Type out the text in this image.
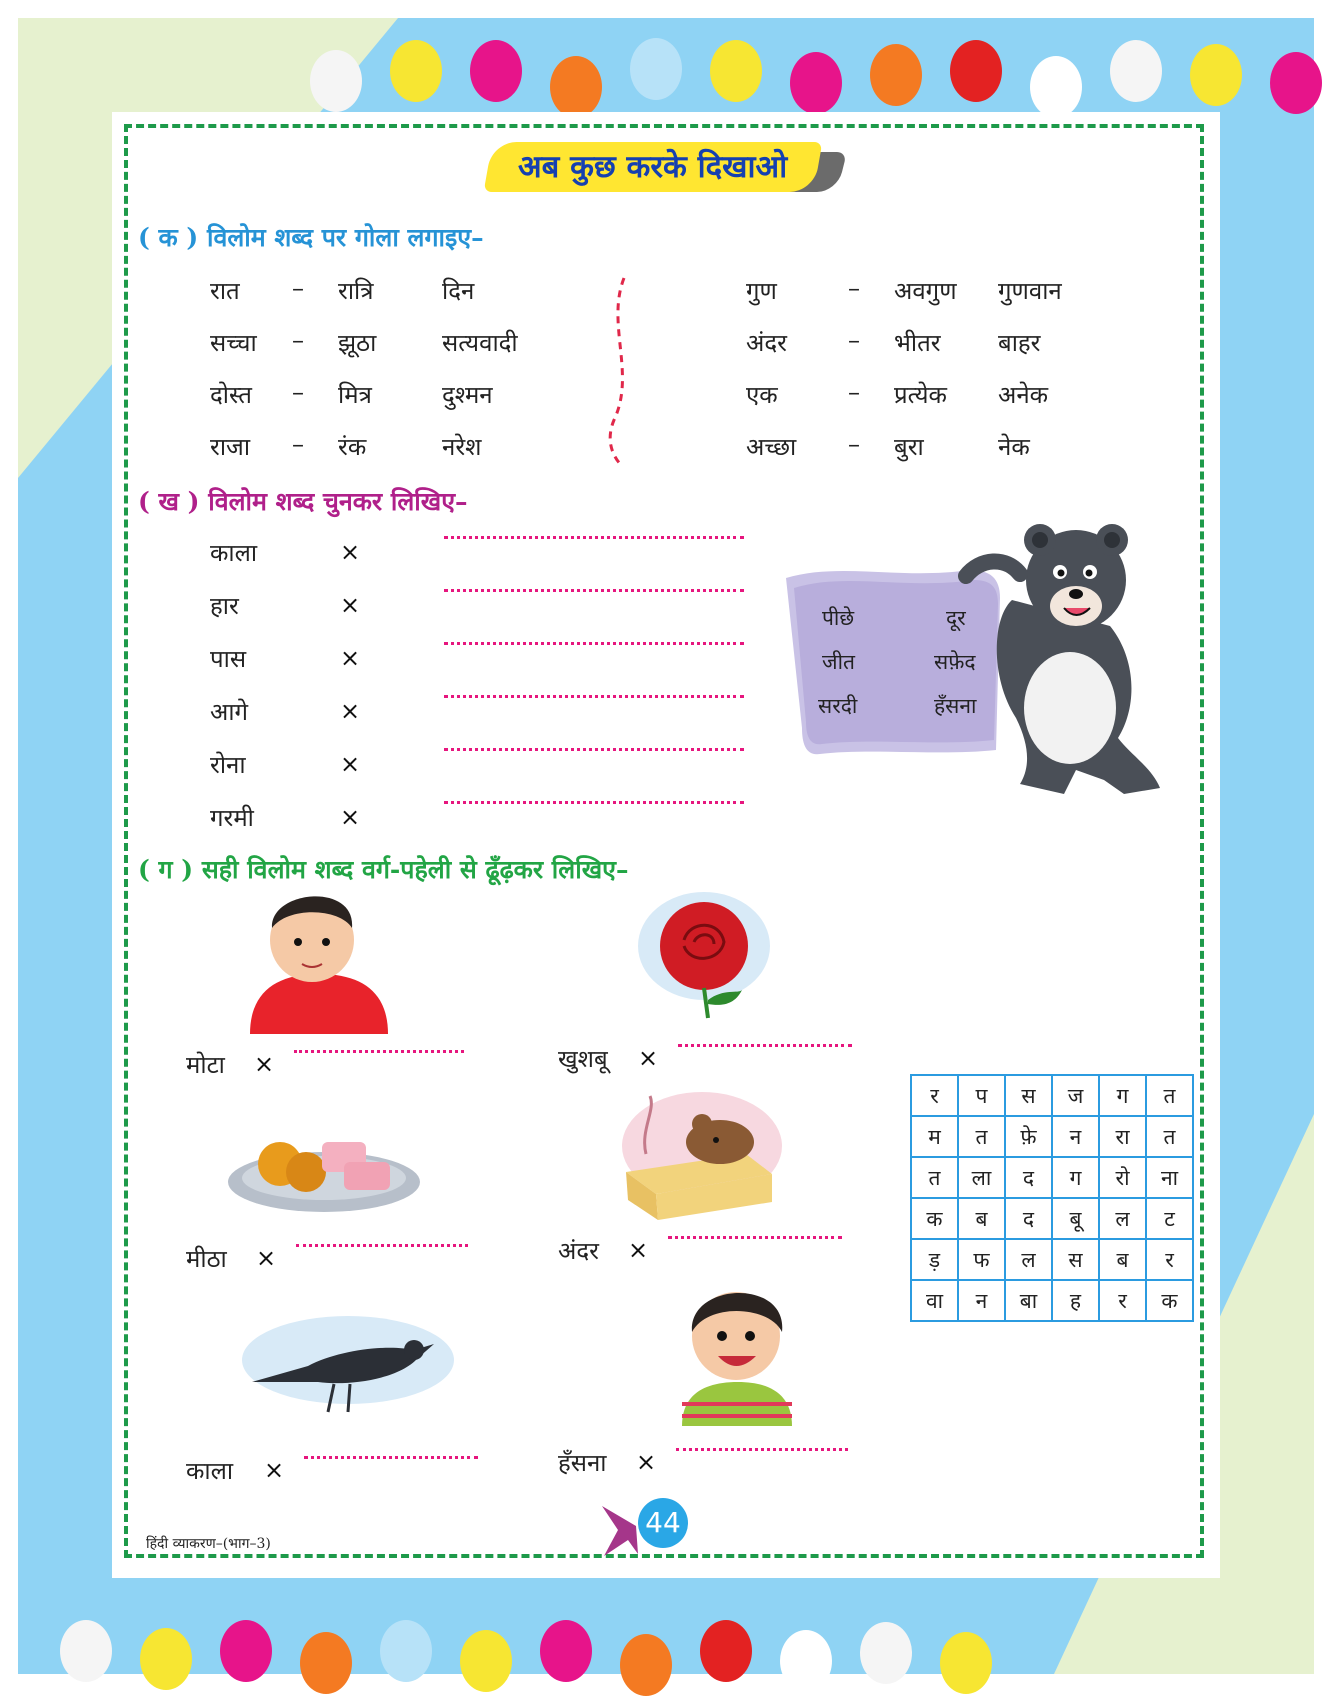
अब कुछ करके दिखाओ
( क ) विलोम शब्द पर गोला लगाइए–
रात – रात्रि	दिन
सच्चा – झूठा	सत्यवादी
दोस्त – मित्र	दुश्मन
राजा – रंक	नरेश
गुण	– अवगुण गुणवान
अंदर	– भीतर बाहर
एक	– प्रत्येक अनेक
अच्छा – बुरा	नेक
( ख ) विलोम शब्द चुनकर लिखिए–
काला	×
हार	×
पास	×
आगे	×
रोना	×
गरमी	×
पीछे	दूर
जीत	सफ़ेद
सरदी	हँसना
( ग ) सही विलोम शब्द वर्ग-पहेली से ढूँढ़कर लिखिए–
मोटा ×	खुशबू ×
मीठा ×	अंदर ×
काला ×	हँसना ×
र	प	स	ज	ग	त
म	त	फ़े	न	रा	त
त	ला	द	ग	रो	ना
क	ब	द	बू	ल	ट
ड़	फ	ल	स	ब	र
वा	न	बा	ह	र	क
44
हिंदी व्याकरण–(भाग–3)
